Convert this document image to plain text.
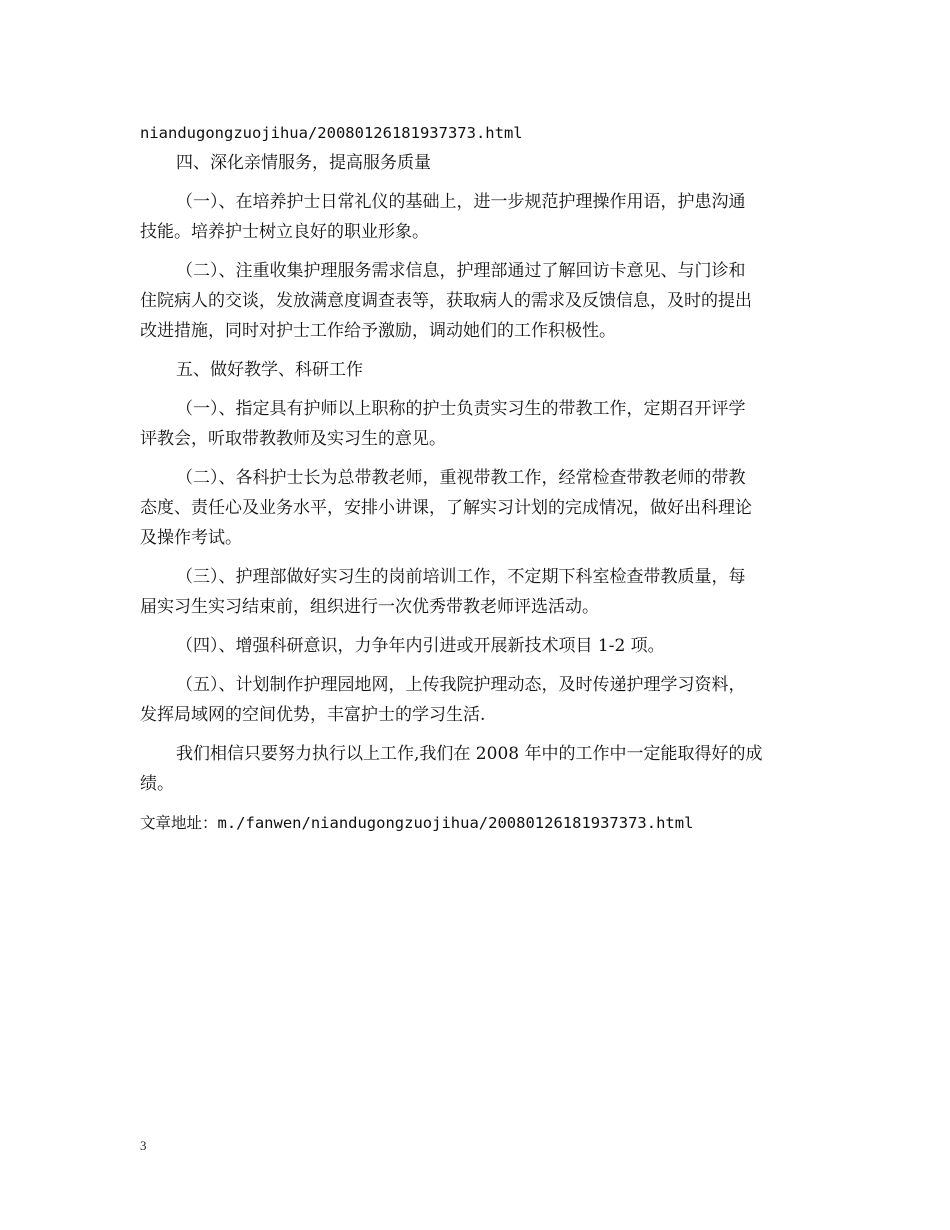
niandugongzuojihua/20080126181937373.html
四、深化亲情服务，提高服务质量
（一）、在培养护士日常礼仪的基础上，进一步规范护理操作用语，护患沟通
技能。培养护士树立良好的职业形象。
（二）、注重收集护理服务需求信息，护理部通过了解回访卡意见、与门诊和
住院病人的交谈，发放满意度调查表等，获取病人的需求及反馈信息，及时的提出
改进措施，同时对护士工作给予激励，调动她们的工作积极性。
五、做好教学、科研工作
（一）、指定具有护师以上职称的护士负责实习生的带教工作，定期召开评学
评教会，听取带教教师及实习生的意见。
（二）、各科护士长为总带教老师，重视带教工作，经常检查带教老师的带教
态度、责任心及业务水平，安排小讲课，了解实习计划的完成情况，做好出科理论
及操作考试。
（三）、护理部做好实习生的岗前培训工作，不定期下科室检查带教质量，每
届实习生实习结束前，组织进行一次优秀带教老师评选活动。
（四）、增强科研意识，力争年内引进或开展新技术项目 1-2 项。
（五）、计划制作护理园地网，上传我院护理动态，及时传递护理学习资料，
发挥局域网的空间优势，丰富护士的学习生活.
我们相信只要努力执行以上工作,我们在 2008 年中的工作中一定能取得好的成
绩。
文章地址：m./fanwen/niandugongzuojihua/20080126181937373.html
3
